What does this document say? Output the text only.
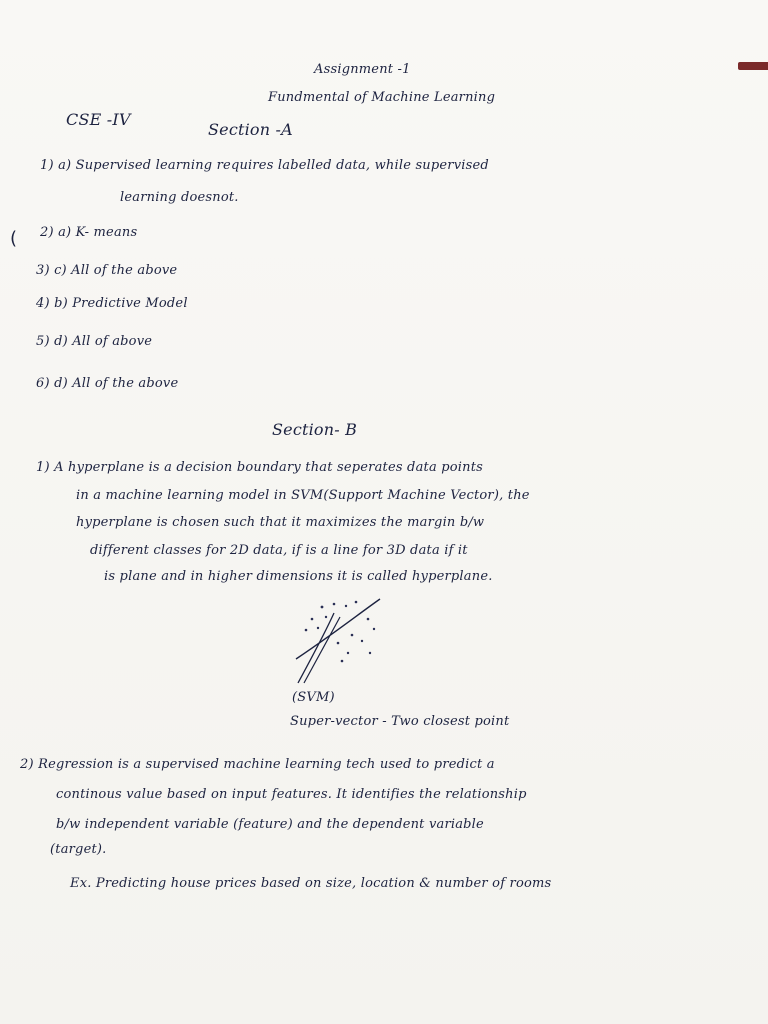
Assignment -1
Fundmental of Machine Learning
CSE -IV
Section -A
1) a) Supervised learning requires labelled data, while supervised
learning doesnot.
( 2) a) K- means
3) c) All of the above
4) b) Predictive Model
5) d) All of above
6) d) All of the above
Section- B
1) A hyperplane is a decision boundary that seperates data points
in a machine learning model in SVM(Support Machine Vector), the
hyperplane is chosen such that it maximizes the margin b/w
different classes for 2D data, if is a line for 3D data if it
is plane and in higher dimensions it is called hyperplane.
(SVM)
Super-vector - Two closest point
2) Regression is a supervised machine learning tech used to predict a
continous value based on input features. It identifies the relationship
b/w independent variable (feature) and the dependent variable
(target).
Ex. Predicting house prices based on size, location & number of rooms
